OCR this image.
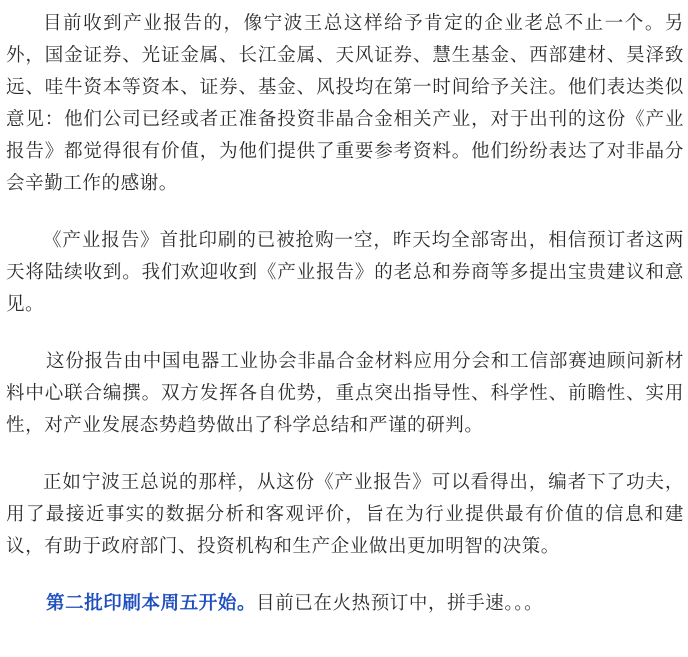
目前收到产业报告的，像宁波王总这样给予肯定的企业老总不止一个。另外，国金证券、光证金属、长江金属、天风证券、慧生基金、西部建材、昊泽致远、哇牛资本等资本、证券、基金、风投均在第一时间给予关注。他们表达类似意见：他们公司已经或者正准备投资非晶合金相关产业，对于出刊的这份《产业报告》都觉得很有价值，为他们提供了重要参考资料。他们纷纷表达了对非晶分会辛勤工作的感谢。

《产业报告》首批印刷的已被抢购一空，昨天均全部寄出，相信预订者这两天将陆续收到。我们欢迎收到《产业报告》的老总和券商等多提出宝贵建议和意见。

这份报告由中国电器工业协会非晶合金材料应用分会和工信部赛迪顾问新材料中心联合编撰。双方发挥各自优势，重点突出指导性、科学性、前瞻性、实用性，对产业发展态势趋势做出了科学总结和严谨的研判。

正如宁波王总说的那样，从这份《产业报告》可以看得出，编者下了功夫，用了最接近事实的数据分析和客观评价，旨在为行业提供最有价值的信息和建议，有助于政府部门、投资机构和生产企业做出更加明智的决策。

第二批印刷本周五开始。目前已在火热预订中，拼手速。。。
